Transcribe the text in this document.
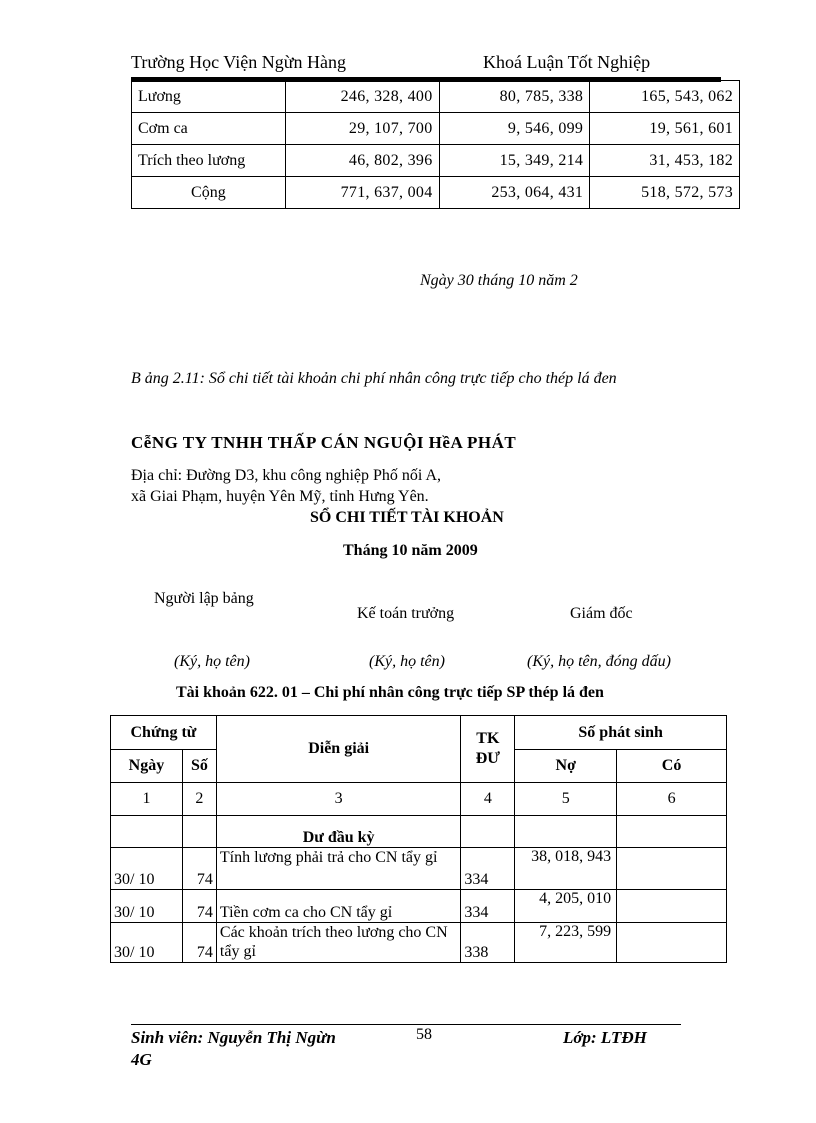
Trường Học Viện Ngừn Hàng	Khoá Luận Tốt Nghiệp
Lương	246, 328, 400	80, 785, 338	165, 543, 062
Cơm ca	29, 107, 700	9, 546, 099	19, 561, 601
Trích theo lương	46, 802, 396	15, 349, 214	31, 453, 182
Cộng	771, 637, 004	253, 064, 431	518, 572, 573
Ngày 30 tháng 10 năm 2
B ảng 2.11: Sổ chi tiết tài khoản chi phí nhân công trực tiếp cho thép lá đen
CễNG TY TNHH THẤP CÁN NGUỘI HềA PHÁT
Địa chỉ: Đường D3, khu công nghiệp Phố nối A,
xã Giai Phạm, huyện Yên Mỹ, tỉnh Hưng Yên.
SỔ CHI TIẾT TÀI KHOẢN
Tháng 10 năm 2009
Người lập bảng
Kế toán trưởng	Giám đốc
(Ký, họ tên)	(Ký, họ tên)	(Ký, họ tên, đóng dấu)
Tài khoản 622. 01 – Chi phí nhân công trực tiếp SP thép lá đen
Chứng từ		Diễn giải	TK ĐƯ	Số phát sinh	
Ngày	Số			Nợ	Có
1	2	3	4	5	6
		Dư đầu kỳ			
30/ 10	74	Tính lương phải trả cho CN tẩy gỉ	334	38, 018, 943	
30/ 10	74	Tiền cơm ca cho CN tẩy gỉ	334	4, 205, 010	
30/ 10	74	Các khoản trích theo lương cho CN tẩy gỉ	338	7, 223, 599	
Sinh viên: Nguyễn Thị Ngừn
4G
58	Lớp: LTĐH
